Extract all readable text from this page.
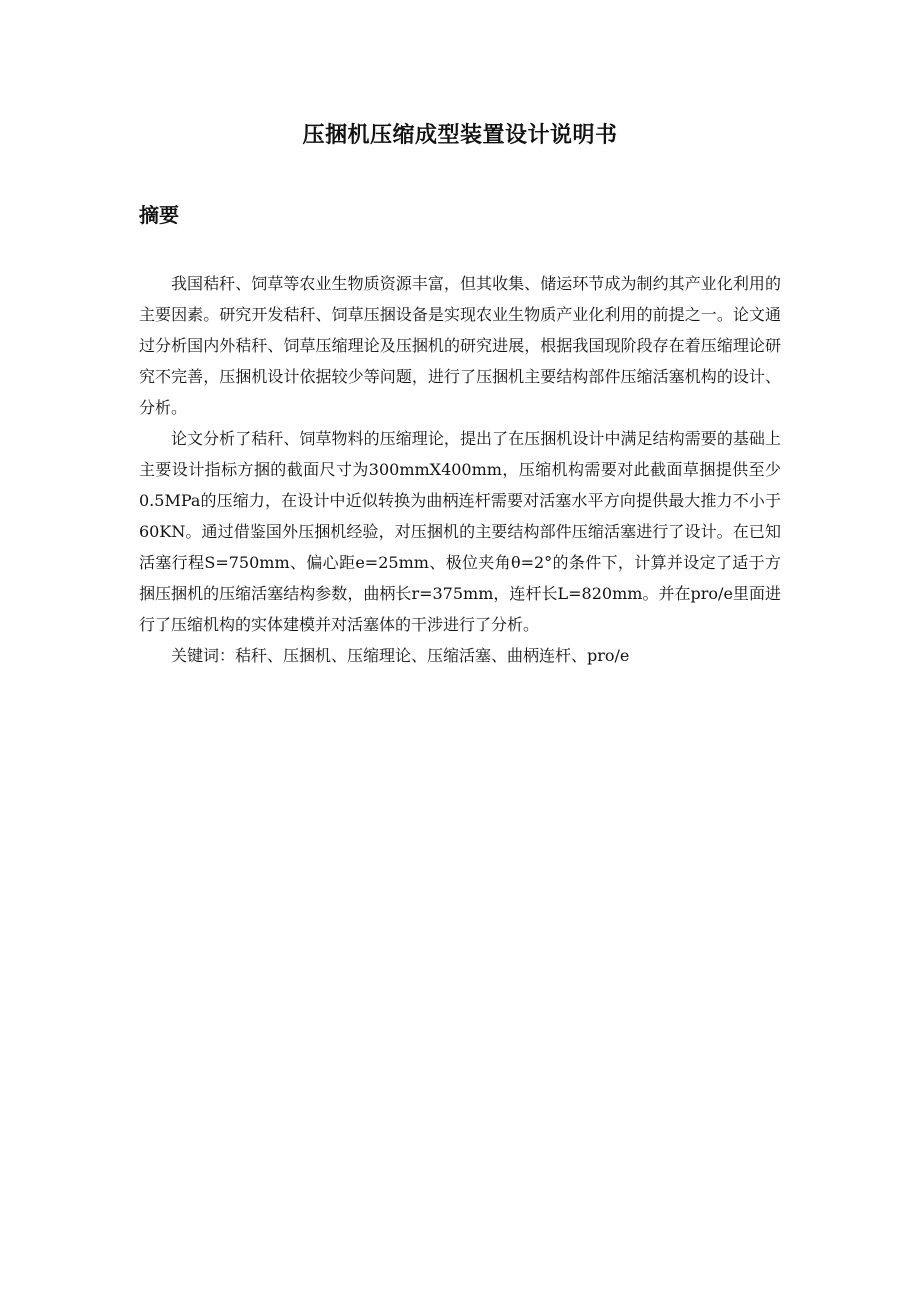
压捆机压缩成型装置设计说明书
摘要

我国秸秆、饲草等农业生物质资源丰富，但其收集、储运环节成为制约其产业化利用的主要因素。研究开发秸秆、饲草压捆设备是实现农业生物质产业化利用的前提之一。论文通过分析国内外秸秆、饲草压缩理论及压捆机的研究进展，根据我国现阶段存在着压缩理论研究不完善，压捆机设计依据较少等问题，进行了压捆机主要结构部件压缩活塞机构的设计、分析。

论文分析了秸秆、饲草物料的压缩理论，提出了在压捆机设计中满足结构需要的基础上主要设计指标方捆的截面尺寸为300mmX400mm，压缩机构需要对此截面草捆提供至少0.5MPa的压缩力，在设计中近似转换为曲柄连杆需要对活塞水平方向提供最大推力不小于60KN。通过借鉴国外压捆机经验，对压捆机的主要结构部件压缩活塞进行了设计。在已知活塞行程S=750mm、偏心距e=25mm、极位夹角θ=2°的条件下，计算并设定了适于方捆压捆机的压缩活塞结构参数，曲柄长r=375mm，连杆长L=820mm。并在pro/e里面进行了压缩机构的实体建模并对活塞体的干涉进行了分析。

关键词：秸秆、压捆机、压缩理论、压缩活塞、曲柄连杆、pro/e
